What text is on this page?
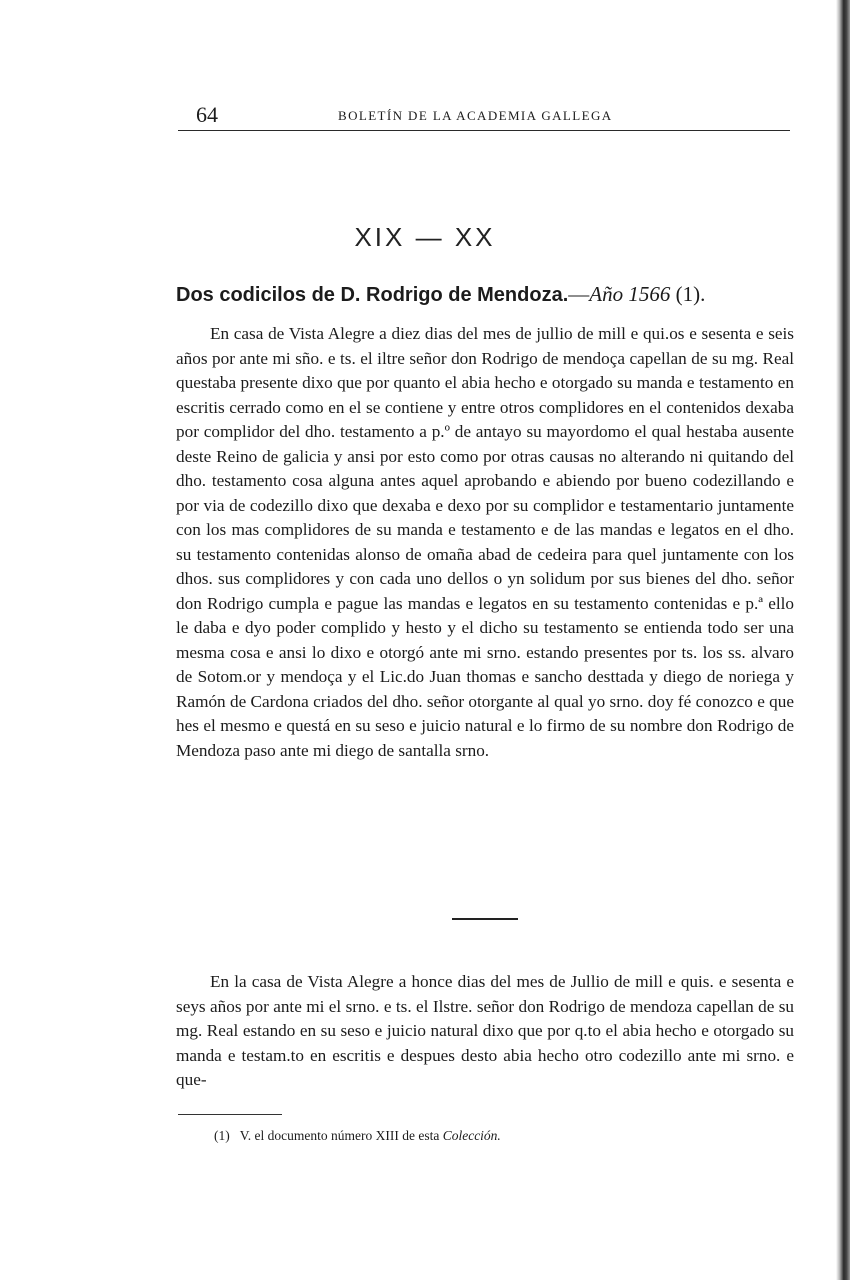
64	BOLETÍN DE LA ACADEMIA GALLEGA
XIX — XX
Dos codicilos de D. Rodrigo de Mendoza.—Año 1566 (1).

En casa de Vista Alegre a diez dias del mes de jullio de mill e qui.os e sesenta e seis años por ante mi sño. e ts. el iltre señor don Rodrigo de mendoça capellan de su mg. Real questaba presente dixo que por quanto el abia hecho e otorgado su manda e testamento en escritis cerrado como en el se contiene y entre otros complidores en el contenidos dexaba por complidor del dho. testamento a p.º de antayo su mayordomo el qual hestaba ausente deste Reino de galicia y ansi por esto como por otras causas no alterando ni quitando del dho. testamento cosa alguna antes aquel aprobando e abiendo por bueno codezillando e por via de codezillo dixo que dexaba e dexo por su complidor e testamentario juntamente con los mas complidores de su manda e testamento e de las mandas e legatos en el dho. su testamento contenidas alonso de omaña abad de cedeira para quel juntamente con los dhos. sus complidores y con cada uno dellos o yn solidum por sus bienes del dho. señor don Rodrigo cumpla e pague las mandas e legatos en su testamento contenidas e p.ª ello le daba e dyo poder complido y hesto y el dicho su testamento se entienda todo ser una mesma cosa e ansi lo dixo e otorgó ante mi srno. estando presentes por ts. los ss. alvaro de Sotom.or y mendoça y el Lic.do Juan thomas e sancho desttada y diego de noriega y Ramón de Cardona criados del dho. señor otorgante al qual yo srno. doy fé conozco e que hes el mesmo e questá en su seso e juicio natural e lo firmo de su nombre don Rodrigo de Mendoza paso ante mi diego de santalla srno.

En la casa de Vista Alegre a honce dias del mes de Jullio de mill e quis. e sesenta e seys años por ante mi el srno. e ts. el Ilstre. señor don Rodrigo de mendoza capellan de su mg. Real estando en su seso e juicio natural dixo que por q.to el abia hecho e otorgado su manda e testam.to en escritis e despues desto abia hecho otro codezillo ante mi srno. e que-

(1) V. el documento número XIII de esta Colección.
